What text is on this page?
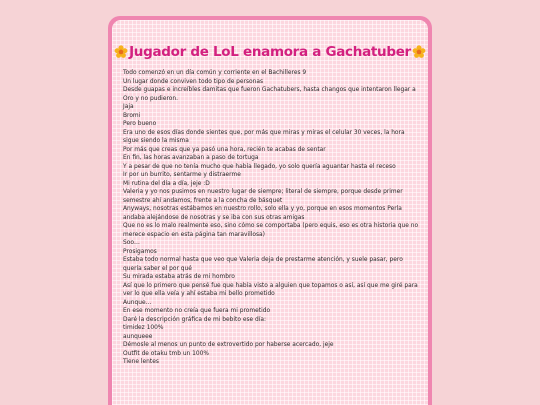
Jugador de LoL enamora a Gachatuber
Todo comenzó en un día común y corriente en el Bachilleres 9
Un lugar donde conviven todo tipo de personas
Desde guapas e increíbles damitas que fueron Gachatubers, hasta changos que intentaron llegar a Oro y no pudieron.
Jaja
Bromi
Pero bueno
Era uno de esos días donde sientes que, por más que miras y miras el celular 30 veces, la hora sigue siendo la misma
Por más que creas que ya pasó una hora, recién te acabas de sentar
En fin, las horas avanzaban a paso de tortuga
Y a pesar de que no tenía mucho que había llegado, yo solo quería aguantar hasta el receso
Ir por un burrito, sentarme y distraerme
Mi rutina del día a día, jeje :D
Valeria y yo nos pusimos en nuestro lugar de siempre; literal de siempre, porque desde primer semestre ahí andamos, frente a la concha de básquet
Anyways, nosotras estábamos en nuestro rollo, solo ella y yo, porque en esos momentos Perla andaba alejándose de nosotras y se iba con sus otras amigas
Que no es lo malo realmente eso, sino cómo se comportaba (pero equis, eso es otra historia que no merece espacio en esta página tan maravillosa)
Soo…
Prosigamos
Estaba todo normal hasta que veo que Valeria deja de prestarme atención, y suele pasar, pero quería saber el por qué
Su mirada estaba atrás de mi hombro
Así que lo primero que pensé fue que había visto a alguien que topamos o así, así que me giré para ver lo que ella veía y ahí estaba mi bello prometido
Aunque…
En ese momento no creía que fuera mi prometido
Daré la descripción gráfica de mi bebito ese día:
timidez 100%
aunqueee
Démosle al menos un punto de extrovertido por haberse acercado, jeje
Outfit de otaku tmb un 100%
Tiene lentes
